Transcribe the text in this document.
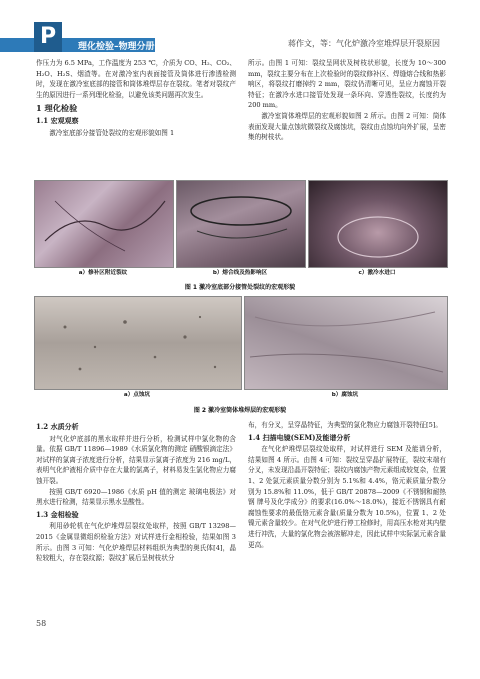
P	理化检验–物理分册	蒋作文，等：气化炉激冷室堆焊层开裂原因

作压力为 6.5 MPa，工作温度为 253 ℃，介质为 CO、H₂、CO₂、H₂O、H₂S、烟渣等。在对激冷室内表面接管及筒体进行渗透检测时，发现在激冷室底部的接管和筒体堆焊层存在裂纹。笔者对裂纹产生的原因进行一系列理化检验，以避免该类问题再次发生。

1 理化检验
1.1 宏观观察

激冷室底部分接管处裂纹的宏观形貌如图 1

所示。由图 1 可知：裂纹呈网状及树枝状形貌，长度为 10～300 mm，裂纹主要分布在上次检验时的裂纹修补区、焊缝熔合线和热影响区，将裂纹打磨掉约 2 mm，裂纹仍清晰可见，呈应力腐蚀开裂特征；在激冷水进口接管处发现一条环向、穿透性裂纹，长度约为 200 mm。

激冷室筒体堆焊层的宏观形貌如图 2 所示。由图 2 可知：筒体表面发现大量点蚀坑微裂纹及腐蚀坑，裂纹由点蚀坑向外扩展，呈密集的树枝状。

a）修补区附近裂纹	b）熔合线及热影响区	c）激冷水进口
图 1 激冷室底部分接管处裂纹的宏观形貌
a）点蚀坑	b）腐蚀坑
图 2 激冷室筒体堆焊层的宏观形貌
1.2 水质分析

对气化炉底部的黑水取样并进行分析，检测试样中氯化物的含量。依据 GB/T 11896—1989《水质氯化物的测定 硝酸银滴定法》对试样的氯离子浓度进行分析，结果显示氯离子浓度为 216 mg/L，表明气化炉液相介质中存在大量的氯离子，材料易发生氯化物应力腐蚀开裂。

按照 GB/T 6920—1986《水质 pH 值的测定 玻璃电极法》对黑水进行检测，结果显示黑水呈酸性。

1.3 金相检验

利用砂轮机在气化炉堆焊层裂纹处取样，按照 GB/T 13298—2015《金属显微组织检验方法》对试样进行金相检验，结果如图 3 所示。由图 3 可知：气化炉堆焊层材料组织为典型的奥氏体[4]，晶粒较粗大，存在裂纹源；裂纹扩展后呈树枝状分

布，有分叉，呈穿晶特征，为典型的氯化物应力腐蚀开裂特征[5]。

1.4 扫描电镜(SEM)及能谱分析

在气化炉堆焊层裂纹处取样，对试样进行 SEM 及能谱分析，结果如图 4 所示。由图 4 可知：裂纹呈穿晶扩展特征，裂纹末端有分叉，未发现沿晶开裂特征；裂纹内腐蚀产物元素组成较复杂，位置 1、2 处氯元素质量分数分别为 5.1%和 4.4%，铬元素质量分数分别为 15.8%和 11.0%，低于 GB/T 20878—2009《不锈钢和耐热钢 牌号及化学成分》的要求(16.0%～18.0%)，接近不锈钢具有耐腐蚀性要求的最低铬元素含量(质量分数为 10.5%)，位置 1、2 处镍元素含量较少。在对气化炉进行停工检修时，用高压水枪对其内壁进行冲洗，大量的氯化物会被溶解冲走，因此试样中实际氯元素含量更高。

58
